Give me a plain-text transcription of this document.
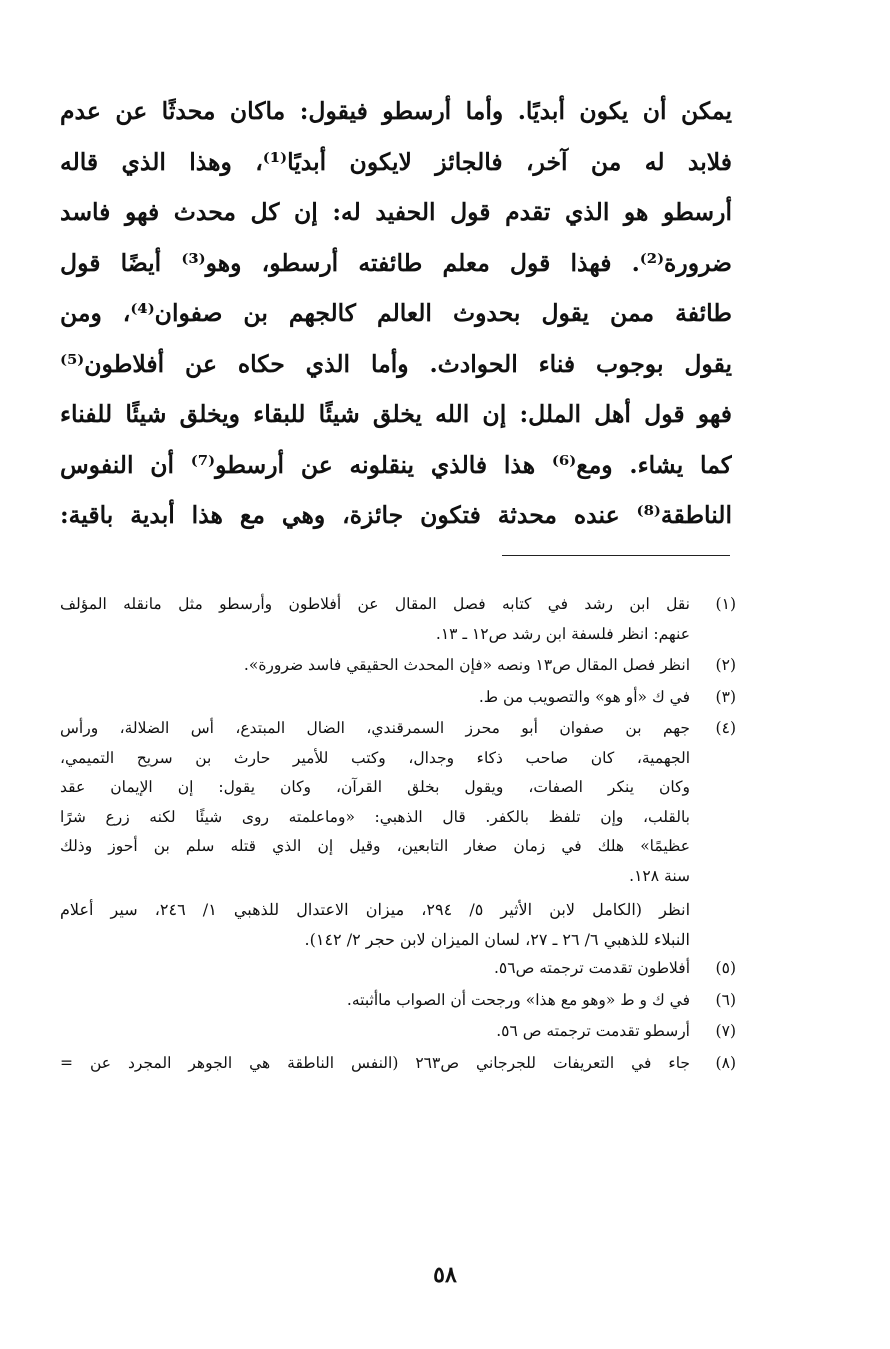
يمكن أن يكون أبديًا. وأما أرسطو فيقول: ماكان محدثًا عن عدم
فلابد له من آخر، فالجائز لايكون أبديًا⁽¹⁾، وهذا الذي قاله
أرسطو هو الذي تقدم قول الحفيد له: إن كل محدث فهو فاسد
ضرورة⁽²⁾. فهذا قول معلم طائفته أرسطو، وهو⁽³⁾ أيضًا قول
طائفة ممن يقول بحدوث العالم كالجهم بن صفوان⁽⁴⁾، ومن
يقول بوجوب فناء الحوادث. وأما الذي حكاه عن أفلاطون⁽⁵⁾
فهو قول أهل الملل: إن الله يخلق شيئًا للبقاء ويخلق شيئًا للفناء
كما يشاء. ومع⁽⁶⁾ هذا فالذي ينقلونه عن أرسطو⁽⁷⁾ أن النفوس
الناطقة⁽⁸⁾ عنده محدثة فتكون جائزة، وهي مع هذا أبدية باقية:
(١)
نقل ابن رشد في كتابه فصل المقال عن أفلاطون وأرسطو مثل مانقله المؤلف
عنهم: انظر فلسفة ابن رشد ص١٢ ـ ١٣.
(٢)
انظر فصل المقال ص١٣ ونصه «فإن المحدث الحقيقي فاسد ضرورة».
(٣)
في ك «أو هو» والتصويب من ط.
(٤)
جهم بن صفوان أبو محرز السمرقندي، الضال المبتدع، أس الضلالة، ورأس
الجهمية، كان صاحب ذكاء وجدال، وكتب للأمير حارث بن سريح التميمي،
وكان ينكر الصفات، ويقول بخلق القرآن، وكان يقول: إن الإيمان عقد
بالقلب، وإن تلفظ بالكفر. قال الذهبي: «وماعلمته روى شيئًا لكنه زرع شرًا
عظيمًا» هلك في زمان صغار التابعين، وقيل إن الذي قتله سلم بن أحوز وذلك
سنة ١٢٨.
انظر (الكامل لابن الأثير ٥/ ٢٩٤، ميزان الاعتدال للذهبي ١/ ٢٤٦، سير أعلام
النبلاء للذهبي ٦/ ٢٦ ـ ٢٧، لسان الميزان لابن حجر ٢/ ١٤٢).
(٥)
أفلاطون تقدمت ترجمته ص٥٦.
(٦)
في ك و ط «وهو مع هذا» ورجحت أن الصواب ماأثبته.
(٧)
أرسطو تقدمت ترجمته ص ٥٦.
(٨)
جاء في التعريفات للجرجاني ص٢٦٣ (النفس الناطقة هي الجوهر المجرد عن =
٥٨
